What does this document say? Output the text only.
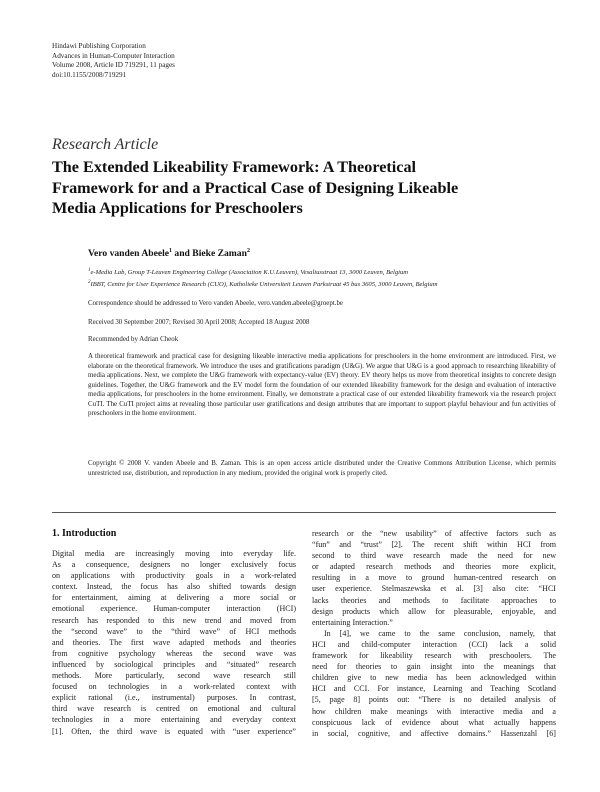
Hindawi Publishing Corporation
Advances in Human-Computer Interaction
Volume 2008, Article ID 719291, 11 pages
doi:10.1155/2008/719291
Research Article
The Extended Likeability Framework: A Theoretical
Framework for and a Practical Case of Designing Likeable
Media Applications for Preschoolers
Vero vanden Abeele$^1$ and Bieke Zaman$^2$
$^1$e-Media Lab, Group T-Leuven Engineering College (Association K.U.Leuven), Vesaliusstraat 13, 3000 Leuven, Belgium
$^2$IBBT, Centre for User Experience Research (CUO), Katholieke Universiteit Leuven Parkstraat 45 bus 3605, 3000 Leuven, Belgium
Correspondence should be addressed to Vero vanden Abeele, vero.vanden.abeele@groept.be
Received 30 September 2007; Revised 30 April 2008; Accepted 18 August 2008
Recommended by Adrian Cheok
A theoretical framework and practical case for designing likeable interactive media applications for preschoolers in the home environment are introduced. First, we elaborate on the theoretical framework. We introduce the uses and gratifications paradigm (U&G). We argue that U&G is a good approach to researching likeability of media applications. Next, we complete the U&G framework with expectancy-value (EV) theory. EV theory helps us move from theoretical insights to concrete design guidelines. Together, the U&G framework and the EV model form the foundation of our extended likeability framework for the design and evaluation of interactive media applications, for preschoolers in the home environment. Finally, we demonstrate a practical case of our extended likeability framework via the research project CuTI. The CuTI project aims at revealing those particular user gratifications and design attributes that are important to support playful behaviour and fun activities of preschoolers in the home environment.
Copyright © 2008 V. vanden Abeele and B. Zaman. This is an open access article distributed under the Creative Commons Attribution License, which permits unrestricted use, distribution, and reproduction in any medium, provided the original work is properly cited.
1. Introduction
Digital media are increasingly moving into everyday life.
As a consequence, designers no longer exclusively focus
on applications with productivity goals in a work-related
context. Instead, the focus has also shifted towards design
for entertainment, aiming at delivering a more social or
emotional experience. Human-computer interaction (HCI)
research has responded to this new trend and moved from
the “second wave” to the “third wave” of HCI methods
and theories. The first wave adapted methods and theories
from cognitive psychology whereas the second wave was
influenced by sociological principles and “situated” research
methods. More particularly, second wave research still
focused on technologies in a work-related context with
explicit rational (i.e., instrumental) purposes. In contrast,
third wave research is centred on emotional and cultural
technologies in a more entertaining and everyday context
[1]. Often, the third wave is equated with “user experience”
research or the “new usability” of affective factors such as
“fun” and “trust” [2]. The recent shift within HCI from
second to third wave research made the need for new
or adapted research methods and theories more explicit,
resulting in a move to ground human-centred research on
user experience. Stelmaszewska et al. [3] also cite: “HCI
lacks theories and methods to facilitate approaches to
design products which allow for pleasurable, enjoyable, and
entertaining Interaction.”
In [4], we came to the same conclusion, namely, that
HCI and child-computer interaction (CCI) lack a solid
framework for likeability research with preschoolers. The
need for theories to gain insight into the meanings that
children give to new media has been acknowledged within
HCI and CCI. For instance, Learning and Teaching Scotland
[5, page 8] points out: “There is no detailed analysis of
how children make meanings with interactive media and a
conspicuous lack of evidence about what actually happens
in social, cognitive, and affective domains.” Hassenzahl [6]
